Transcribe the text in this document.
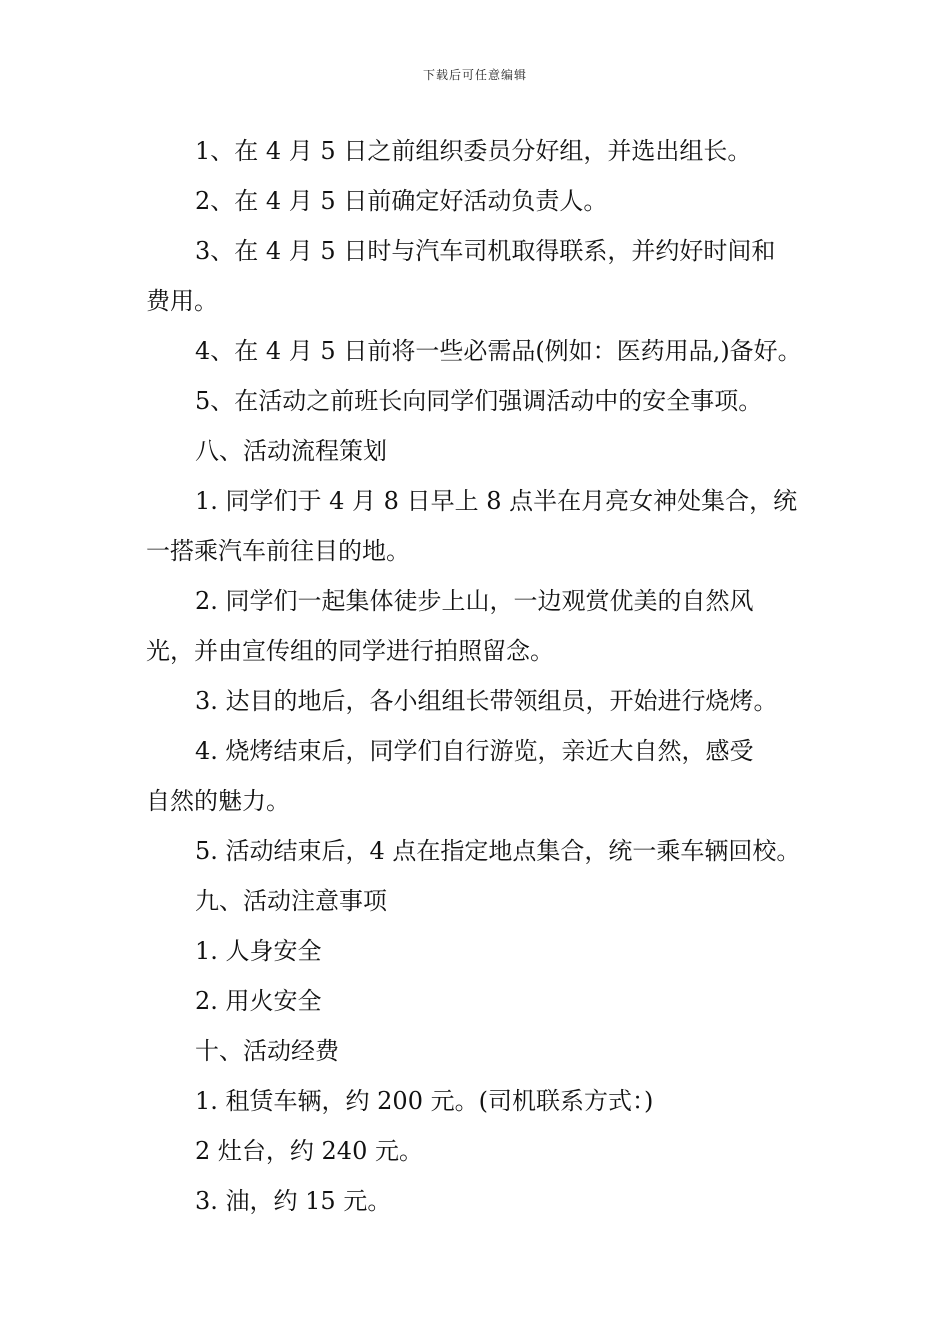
下载后可任意编辑

1、在 4 月 5 日之前组织委员分好组，并选出组长。

2、在 4 月 5 日前确定好活动负责人。

3、在 4 月 5 日时与汽车司机取得联系，并约好时间和

费用。

4、在 4 月 5 日前将一些必需品(例如：医药用品,)备好。

5、在活动之前班长向同学们强调活动中的安全事项。

八、活动流程策划

1. 同学们于 4 月 8 日早上 8 点半在月亮女神处集合，统

一搭乘汽车前往目的地。

2. 同学们一起集体徒步上山，一边观赏优美的自然风

光，并由宣传组的同学进行拍照留念。

3. 达目的地后，各小组组长带领组员，开始进行烧烤。

4. 烧烤结束后，同学们自行游览，亲近大自然，感受

自然的魅力。

5. 活动结束后，4 点在指定地点集合，统一乘车辆回校。

九、活动注意事项

1. 人身安全

2. 用火安全

十、活动经费

1. 租赁车辆，约 200 元。(司机联系方式：)

2 灶台，约 240 元。

3. 油，约 15 元。
